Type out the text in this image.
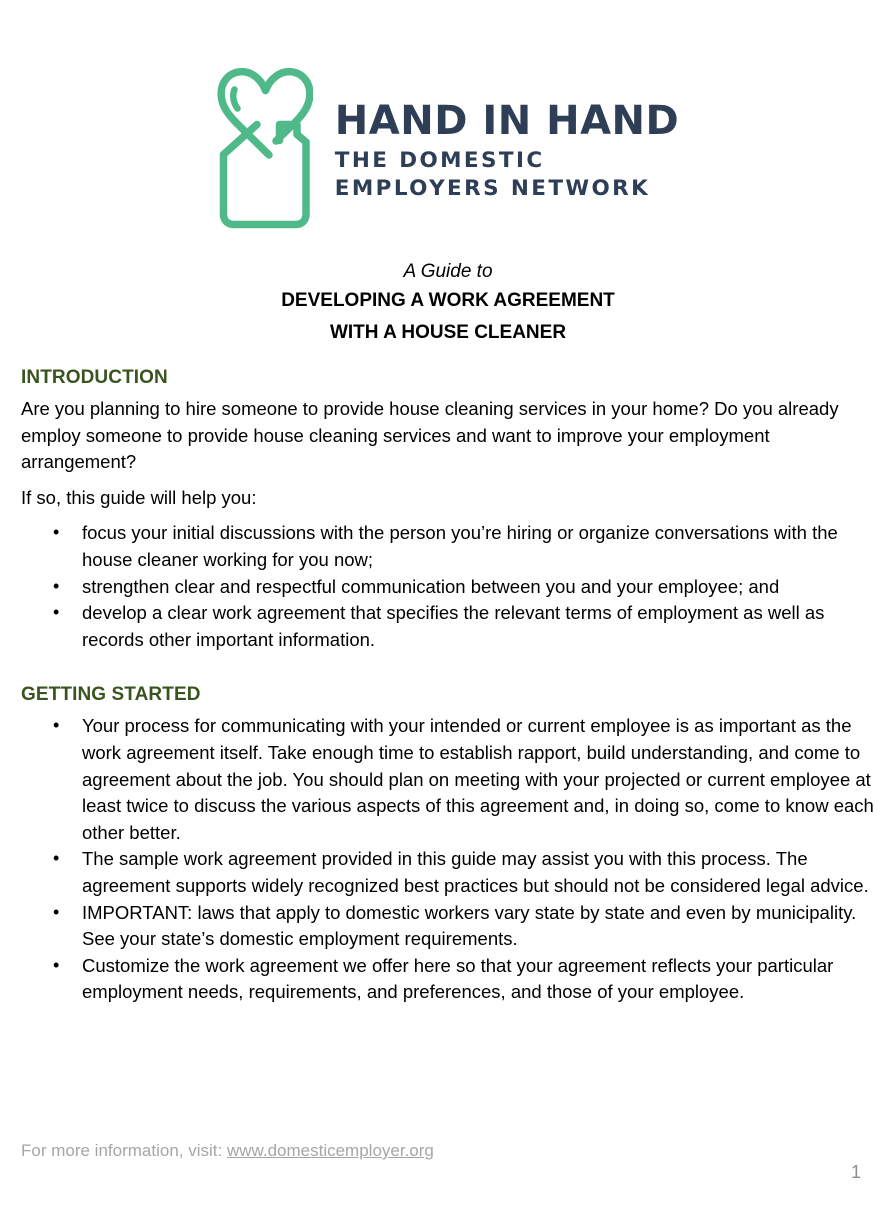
HAND IN HAND
THE DOMESTIC
EMPLOYERS NETWORK
A Guide to
DEVELOPING A WORK AGREEMENT
WITH A HOUSE CLEANER
INTRODUCTION

Are you planning to hire someone to provide house cleaning services in your home? Do you already employ someone to provide house cleaning services and want to improve your employment arrangement?

If so, this guide will help you:

• focus your initial discussions with the person you’re hiring or organize conversations with the house cleaner working for you now;
• strengthen clear and respectful communication between you and your employee; and
• develop a clear work agreement that specifies the relevant terms of employment as well as records other important information.
GETTING STARTED
• Your process for communicating with your intended or current employee is as important as the work agreement itself. Take enough time to establish rapport, build understanding, and come to agreement about the job. You should plan on meeting with your projected or current employee at least twice to discuss the various aspects of this agreement and, in doing so, come to know each other better.
• The sample work agreement provided in this guide may assist you with this process. The agreement supports widely recognized best practices but should not be considered legal advice.
• IMPORTANT: laws that apply to domestic workers vary state by state and even by municipality. See your state’s domestic employment requirements.
• Customize the work agreement we offer here so that your agreement reflects your particular employment needs, requirements, and preferences, and those of your employee.
For more information, visit: www.domesticemployer.org
1
